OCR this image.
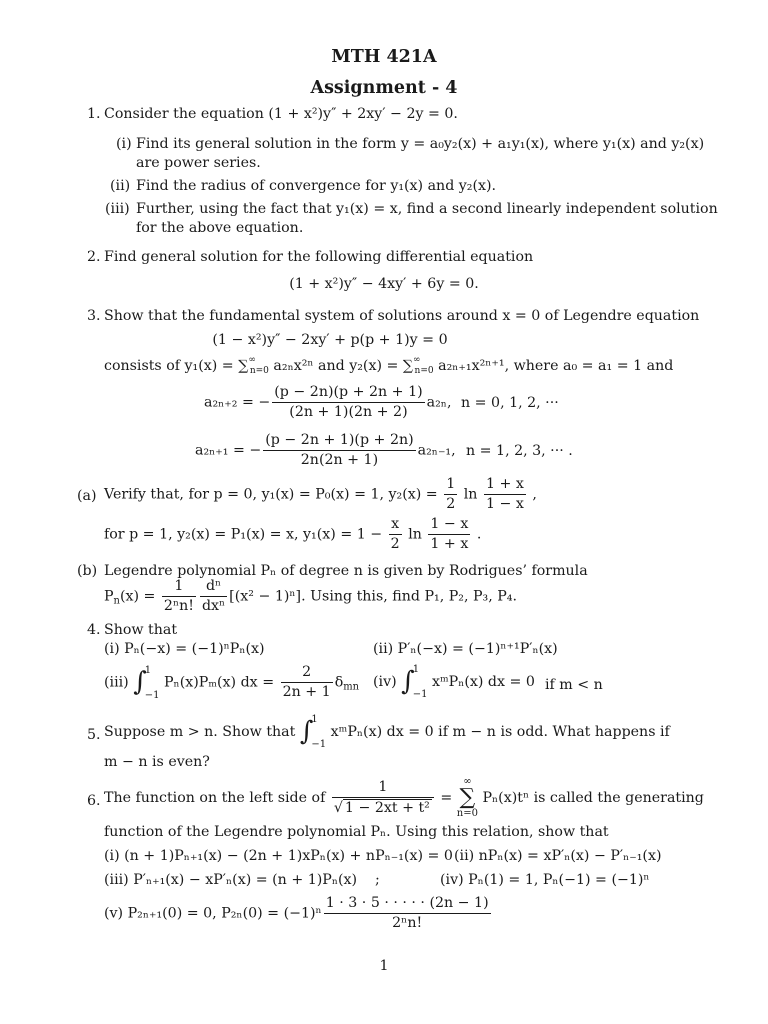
MTH 421A
Assignment - 4
1. Consider the equation (1 + x²)y″ + 2xy′ − 2y = 0.
(i) Find its general solution in the form y = a₀y₂(x) + a₁y₁(x), where y₁(x) and y₂(x)
are power series.
(ii) Find the radius of convergence for y₁(x) and y₂(x).
(iii) Further, using the fact that y₁(x) = x, find a second linearly independent solution
for the above equation.
2. Find general solution for the following differential equation
(1 + x²)y″ − 4xy′ + 6y = 0.
3. Show that the fundamental system of solutions around x = 0 of Legendre equation
(1 − x²)y″ − 2xy′ + p(p + 1)y = 0
consists of y₁(x) = ∑∞n=0 a₂ₙx²ⁿ and y₂(x) = ∑∞n=0 a₂ₙ₊₁x²ⁿ⁺¹, where a₀ = a₁ = 1 and
a₂ₙ₊₂ = − $\frac{(p - 2n)(p + 2n + 1)}{(2n + 1)(2n + 2)} a_{2n}$, n = 0, 1, 2, ···
a₂ₙ₊₁ = − $\frac{(p - 2n + 1)(p + 2n)}{2n(2n + 1)} a_{2n-1}$, n = 1, 2, 3, ··· .
(a) Verify that, for p = 0, y₁(x) = P₀(x) = 1, $y_2(x) = \frac{1}{2}$ $\ln \frac{1 + x}{1 - x}$ ,
for p = 1, y₂(x) = P₁(x) = x, $y_1(x) = 1 - \frac{x}{2}$ $\ln \frac{1 - x}{1 + x}$ .
(b) Legendre polynomial Pₙ of degree n is given by Rodrigues’ formula
$P_n(x) = \frac{1}{\text{2ⁿn!}} \frac{\text{dⁿ}}{\text{dxⁿ}} [(x^2 - 1)^n]$. Using this, find P₁, P₂, P₃, P₄.
4. Show that
(i) Pₙ(−x) = (−1)ⁿPₙ(x)	(ii) P′ₙ(−x) = (−1)ⁿ⁺¹P′ₙ(x)
(iii) ∫
1
−1
Pₙ(x)Pₘ(x) dx = $\frac{2}{2n + 1} \delta_{mn}$ (iv) ∫
1
−1
xᵐPₙ(x) dx = 0 if m < n
5. Suppose m > n. Show that ∫
1
−1
xᵐPₙ(x) dx = 0 if m − n is odd. What happens if
m − n is even?
6. The function on the left side of $\frac{1}{\text{√ 1 − 2xt + t²}}$ =
∞
∑
n=0
Pₙ(x)tⁿ is called the generating
function of the Legendre polynomial Pₙ. Using this relation, show that
(i) (n + 1)Pₙ₊₁(x) − (2n + 1)xPₙ(x) + nPₙ₋₁(x) = 0 (ii) nPₙ(x) = xP′ₙ(x) − P′ₙ₋₁(x)
(iii) P′ₙ₊₁(x) − xP′ₙ(x) = (n + 1)Pₙ(x) ;	(iv) Pₙ(1) = 1, Pₙ(−1) = (−1)ⁿ
(v) P₂ₙ₊₁(0) = 0, $P_{2n}(0) = (-1)^n \frac{1 \cdot 3 \cdot 5 \cdot \cdot \cdot \cdot \cdot (2n - 1)}{\text{2ⁿn!}}$
1
